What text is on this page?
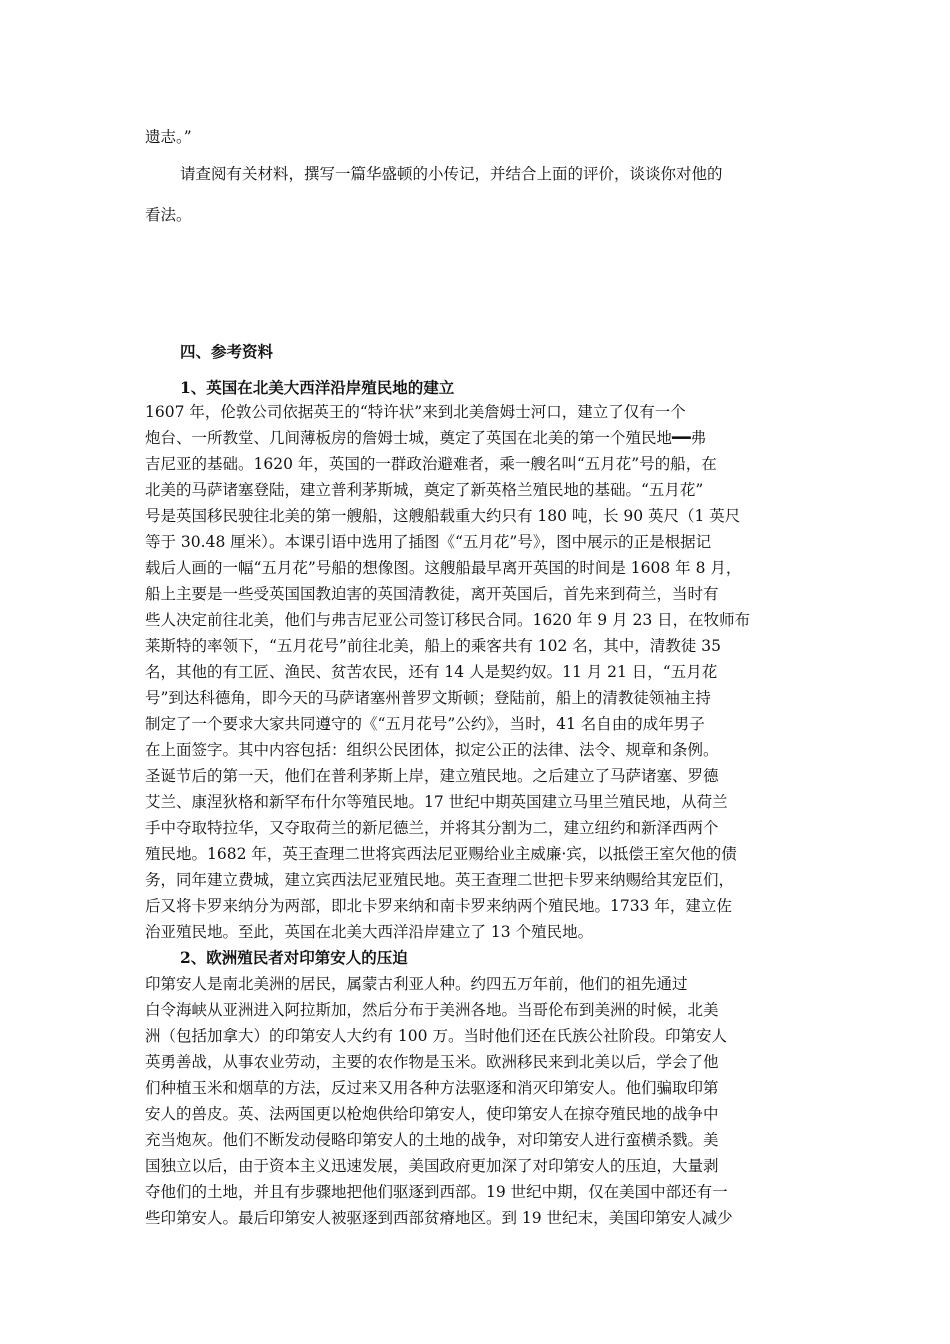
遗志。”
请查阅有关材料，撰写一篇华盛顿的小传记，并结合上面的评价，谈谈你对他的
看法。
四、参考资料
1、英国在北美大西洋沿岸殖民地的建立
1607 年，伦敦公司依据英王的“特许状”来到北美詹姆士河口，建立了仅有一个
炮台、一所教堂、几间薄板房的詹姆士城，奠定了英国在北美的第一个殖民地━━弗
吉尼亚的基础。1620 年，英国的一群政治避难者，乘一艘名叫“五月花”号的船，在
北美的马萨诸塞登陆，建立普利茅斯城，奠定了新英格兰殖民地的基础。“五月花”
号是英国移民驶往北美的第一艘船，这艘船载重大约只有 180 吨，长 90 英尺（1 英尺
等于 30.48 厘米）。本课引语中选用了插图《“五月花”号》，图中展示的正是根据记
载后人画的一幅“五月花”号船的想像图。这艘船最早离开英国的时间是 1608 年 8 月，
船上主要是一些受英国国教迫害的英国清教徒，离开英国后，首先来到荷兰，当时有
些人决定前往北美，他们与弗吉尼亚公司签订移民合同。1620 年 9 月 23 日，在牧师布
莱斯特的率领下，“五月花号”前往北美，船上的乘客共有 102 名，其中，清教徒 35
名，其他的有工匠、渔民、贫苦农民，还有 14 人是契约奴。11 月 21 日，“五月花
号”到达科德角，即今天的马萨诸塞州普罗文斯顿；登陆前，船上的清教徒领袖主持
制定了一个要求大家共同遵守的《“五月花号”公约》，当时，41 名自由的成年男子
在上面签字。其中内容包括：组织公民团体，拟定公正的法律、法令、规章和条例。
圣诞节后的第一天，他们在普利茅斯上岸，建立殖民地。之后建立了马萨诸塞、罗德
艾兰、康涅狄格和新罕布什尔等殖民地。17 世纪中期英国建立马里兰殖民地，从荷兰
手中夺取特拉华，又夺取荷兰的新尼德兰，并将其分割为二，建立纽约和新泽西两个
殖民地。1682 年，英王查理二世将宾西法尼亚赐给业主威廉·宾，以抵偿王室欠他的债
务，同年建立费城，建立宾西法尼亚殖民地。英王查理二世把卡罗来纳赐给其宠臣们，
后又将卡罗来纳分为两部，即北卡罗来纳和南卡罗来纳两个殖民地。1733 年，建立佐
治亚殖民地。至此，英国在北美大西洋沿岸建立了 13 个殖民地。
2、欧洲殖民者对印第安人的压迫
印第安人是南北美洲的居民，属蒙古利亚人种。约四五万年前，他们的祖先通过
白令海峡从亚洲进入阿拉斯加，然后分布于美洲各地。当哥伦布到美洲的时候，北美
洲（包括加拿大）的印第安人大约有 100 万。当时他们还在氏族公社阶段。印第安人
英勇善战，从事农业劳动，主要的农作物是玉米。欧洲移民来到北美以后，学会了他
们种植玉米和烟草的方法，反过来又用各种方法驱逐和消灭印第安人。他们骗取印第
安人的兽皮。英、法两国更以枪炮供给印第安人，使印第安人在掠夺殖民地的战争中
充当炮灰。他们不断发动侵略印第安人的土地的战争，对印第安人进行蛮横杀戮。美
国独立以后，由于资本主义迅速发展，美国政府更加深了对印第安人的压迫，大量剥
夺他们的土地，并且有步骤地把他们驱逐到西部。19 世纪中期，仅在美国中部还有一
些印第安人。最后印第安人被驱逐到西部贫瘠地区。到 19 世纪末，美国印第安人减少
